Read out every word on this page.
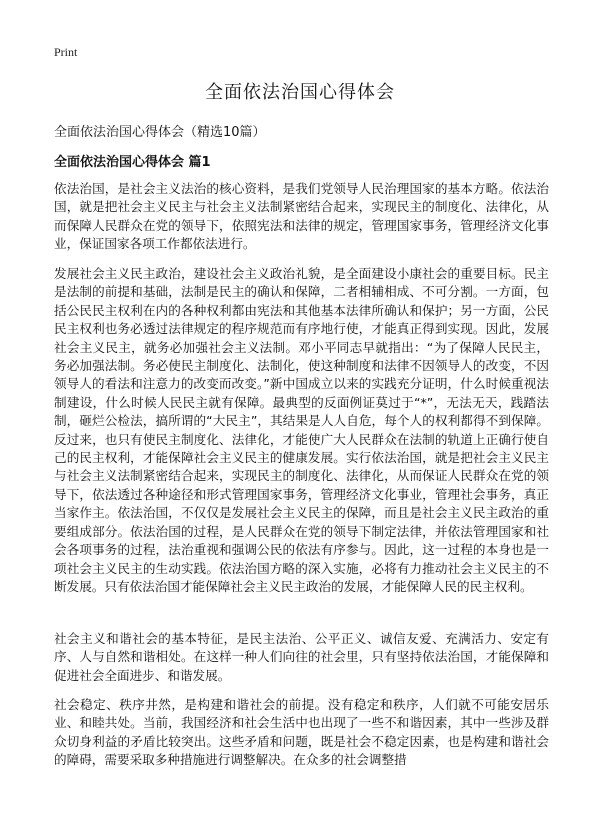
Print
全面依法治国心得体会

全面依法治国心得体会（精选10篇）

全面依法治国心得体会 篇1

依法治国，是社会主义法治的核心资料，是我们党领导人民治理国家的基本方略。依法治国，就是把社会主义民主与社会主义法制紧密结合起来，实现民主的制度化、法律化，从而保障人民群众在党的领导下，依照宪法和法律的规定，管理国家事务，管理经济文化事业，保证国家各项工作都依法进行。

发展社会主义民主政治，建设社会主义政治礼貌，是全面建设小康社会的重要目标。民主是法制的前提和基础，法制是民主的确认和保障，二者相辅相成、不可分割。一方面，包括公民民主权利在内的各种权利都由宪法和其他基本法律所确认和保护；另一方面，公民民主权利也务必透过法律规定的程序规范而有序地行使，才能真正得到实现。因此，发展社会主义民主，就务必加强社会主义法制。邓小平同志早就指出：“为了保障人民民主，务必加强法制。务必使民主制度化、法制化，使这种制度和法律不因领导人的改变，不因领导人的看法和注意力的改变而改变。”新中国成立以来的实践充分证明，什么时候重视法制建设，什么时候人民民主就有保障。最典型的反面例证莫过于“*”，无法无天，践踏法制，砸烂公检法，搞所谓的“大民主”，其结果是人人自危，每个人的权利都得不到保障。反过来，也只有使民主制度化、法律化，才能使广大人民群众在法制的轨道上正确行使自己的民主权利，才能保障社会主义民主的健康发展。实行依法治国，就是把社会主义民主与社会主义法制紧密结合起来，实现民主的制度化、法律化，从而保证人民群众在党的领导下，依法透过各种途径和形式管理国家事务，管理经济文化事业，管理社会事务，真正当家作主。依法治国，不仅仅是发展社会主义民主的保障，而且是社会主义民主政治的重要组成部分。依法治国的过程，是人民群众在党的领导下制定法律，并依法管理国家和社会各项事务的过程，法治重视和强调公民的依法有序参与。因此，这一过程的本身也是一项社会主义民主的生动实践。依法治国方略的深入实施，必将有力推动社会主义民主的不断发展。只有依法治国才能保障社会主义民主政治的发展，才能保障人民的民主权利。

社会主义和谐社会的基本特征，是民主法治、公平正义、诚信友爱、充满活力、安定有序、人与自然和谐相处。在这样一种人们向往的社会里，只有坚持依法治国，才能保障和促进社会全面进步、和谐发展。

社会稳定、秩序井然，是构建和谐社会的前提。没有稳定和秩序，人们就不可能安居乐业、和睦共处。当前，我国经济和社会生活中也出现了一些不和谐因素，其中一些涉及群众切身利益的矛盾比较突出。这些矛盾和问题，既是社会不稳定因素，也是构建和谐社会的障碍，需要采取多种措施进行调整解决。在众多的社会调整措
